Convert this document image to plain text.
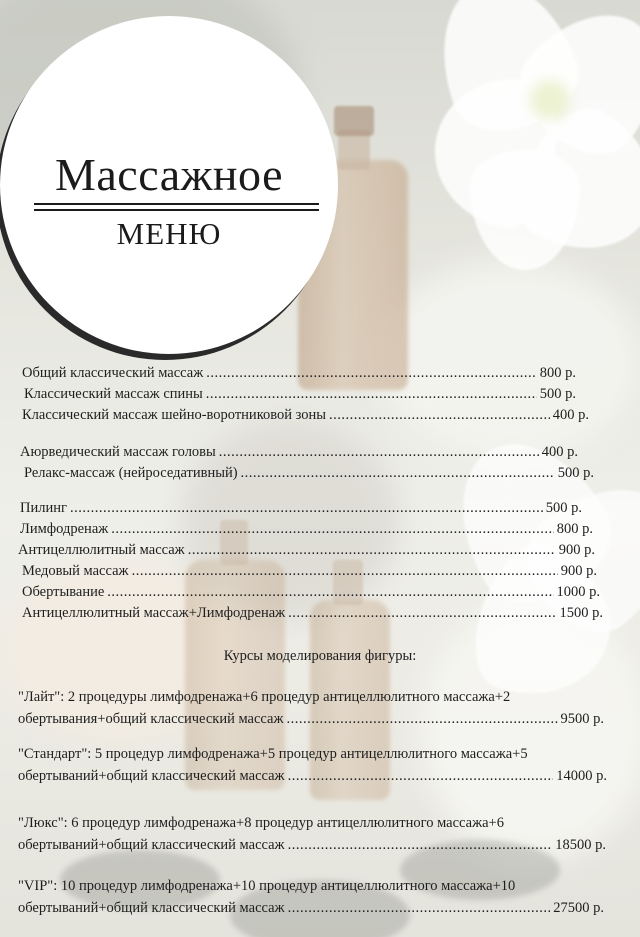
Массажное
МЕНЮ
Общий классический массаж .....	800 р.
Классический массаж спины .....	500 р.
Классический массаж шейно-воротниковой зоны .....	400 р.
Аюрведический массаж головы .....	400 р.
Релакс-массаж (нейроседативный) .....	500 р.
Пилинг .....	500 р.
Лимфодренаж .....	800 р.
Антицеллюлитный массаж .....	900 р.
Медовый массаж .....	900 р.
Обертывание .....	1000 р.
Антицеллюлитный массаж+Лимфодренаж .....	1500 р.
Курсы моделирования фигуры:
"Лайт": 2 процедуры лимфодренажа+6 процедур антицеллюлитного массажа+2
обертывания+общий классический массаж .....	9500 р.
"Стандарт": 5 процедур лимфодренажа+5 процедур антицеллюлитного массажа+5
обертываний+общий классический массаж .....	14000 р.
"Люкс": 6 процедур лимфодренажа+8 процедур антицеллюлитного массажа+6
обертываний+общий классический массаж .....	18500 р.
"VIP": 10 процедур лимфодренажа+10 процедур антицеллюлитного массажа+10
обертываний+общий классический массаж .....	27500 р.
